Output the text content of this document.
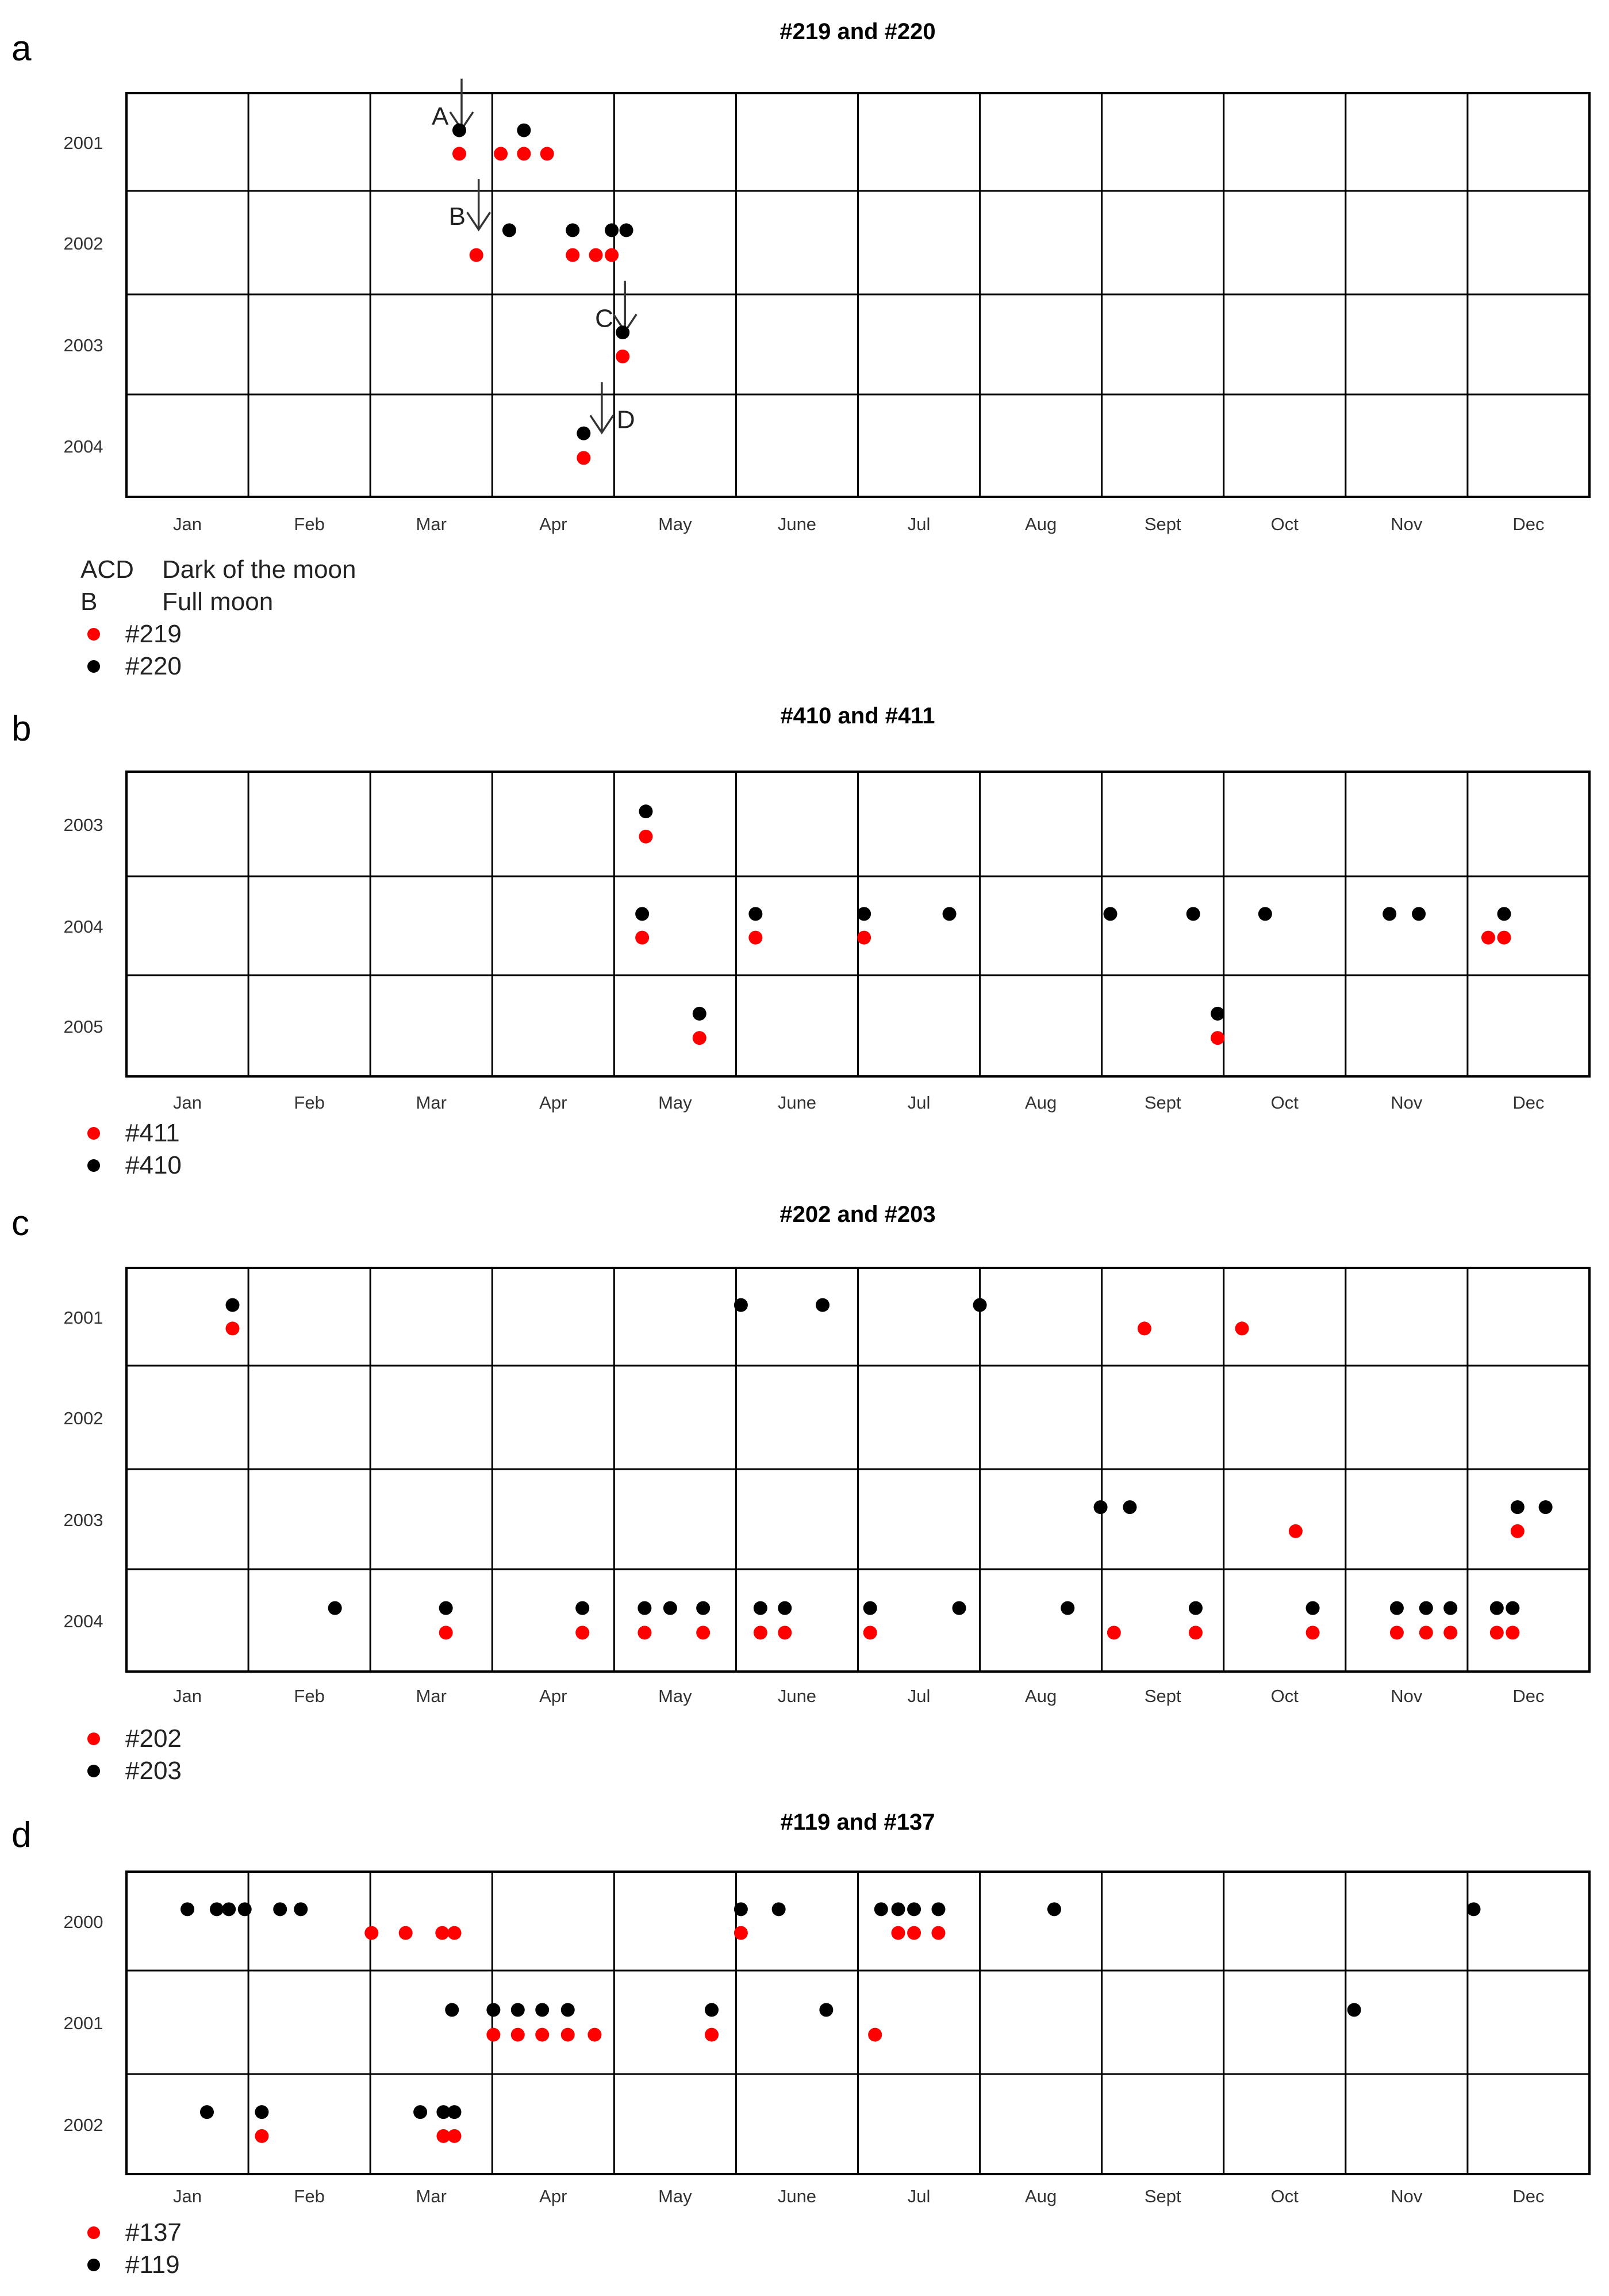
a	#219 and #220
2001
2002
2003
2004
Jan	Feb	Mar	Apr	May	June	Jul	Aug	Sept	Oct	Nov	Dec
A
B
C
D
ACD Dark of the moon
B	Full moon
#219
#220
b	#410 and #411
2003
2004
2005
Jan	Feb	Mar	Apr	May	June	Jul	Aug	Sept	Oct	Nov	Dec
#411
#410
c	#202 and #203
2001
2002
2003
2004
Jan	Feb	Mar	Apr	May	June	Jul	Aug	Sept	Oct	Nov	Dec
#202
#203
d	#119 and #137
2000
2001
2002
Jan	Feb	Mar	Apr	May	June	Jul	Aug	Sept	Oct	Nov	Dec
#137
#119
